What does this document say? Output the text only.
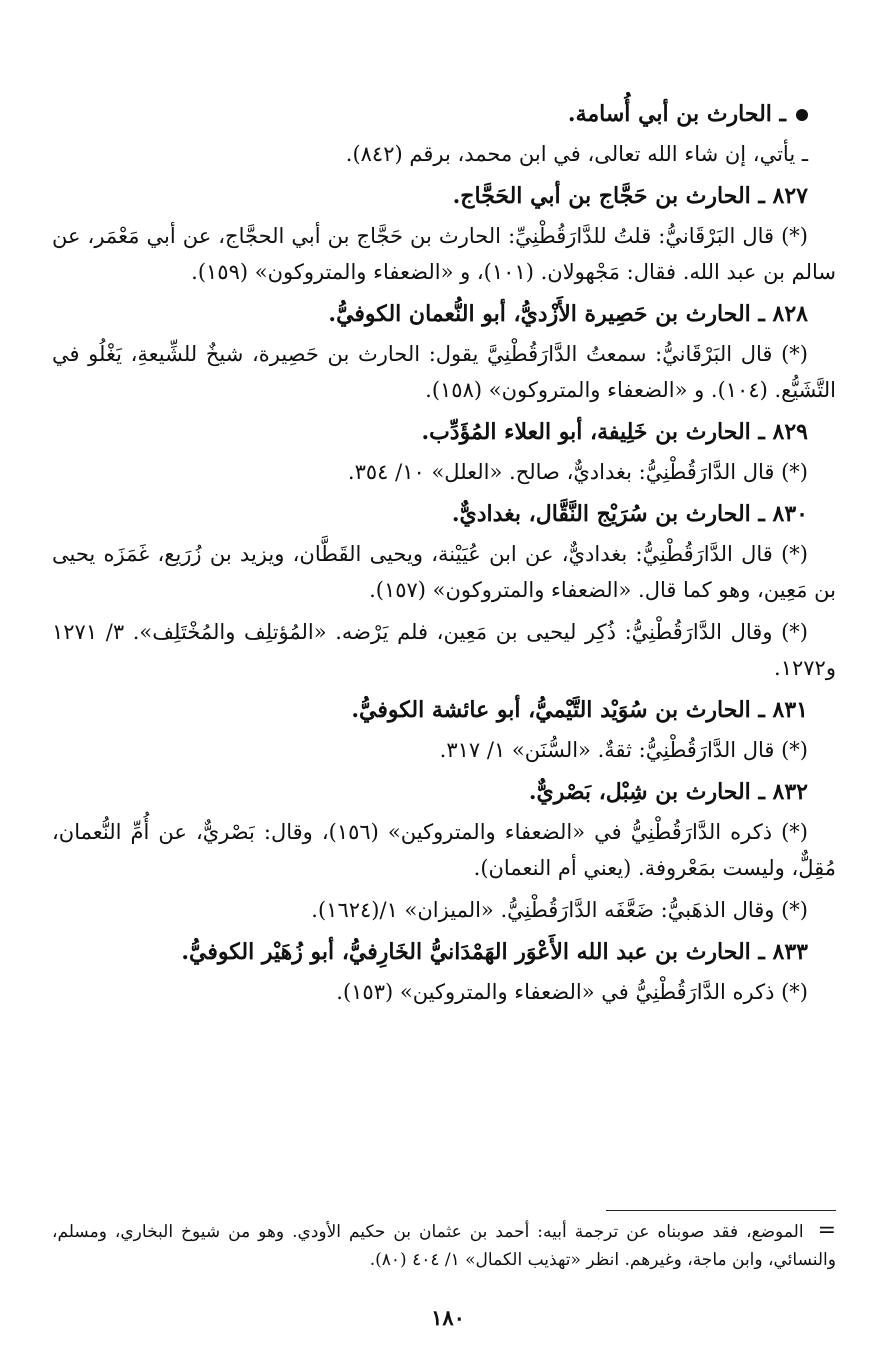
ـ الحارث بن أبي أُسامة.

ـ يأتي، إن شاء الله تعالى، في ابن محمد، برقم (٨٤٢).

٨٢٧ ـ الحارث بن حَجَّاج بن أبي الحَجَّاج.

(*) قال البَرْقَانيُّ: قلتُ للدَّارَقُطْنِيِّ: الحارث بن حَجَّاج بن أبي الحجَّاج، عن أبي مَعْمَر، عن سالم بن عبد الله. فقال: مَجْهولان. (١٠١)، و «الضعفاء والمتروكون» (١٥٩).

٨٢٨ ـ الحارث بن حَصِيرة الأَزْديُّ، أبو النُّعمان الكوفيُّ.

(*) قال البَرْقَانيُّ: سمعتُ الدَّارَقُطْنِيَّ يقول: الحارث بن حَصِيرة، شيخٌ للشِّيعةِ، يَغْلُو في التَّشَيُّع. (١٠٤). و «الضعفاء والمتروكون» (١٥٨).

٨٢٩ ـ الحارث بن خَلِيفة، أبو العلاء المُؤَدِّب.

(*) قال الدَّارَقُطْنِيُّ: بغداديٌّ، صالح. «العلل» ١٠/ ٣٥٤.

٨٣٠ ـ الحارث بن سُرَيْج النَّقَّال، بغداديٌّ.

(*) قال الدَّارَقُطْنِيُّ: بغداديٌّ، عن ابن عُيَيْنة، ويحيى القَطَّان، ويزيد بن زُرَيع، غَمَزَه يحيى بن مَعِين، وهو كما قال. «الضعفاء والمتروكون» (١٥٧).

(*) وقال الدَّارَقُطْنِيُّ: ذُكِر ليحيى بن مَعِين، فلم يَرْضه. «المُؤتلِف والمُخْتَلِف». ٣/ ١٢٧١ و١٢٧٢.

٨٣١ ـ الحارث بن سُوَيْد التَّيْميُّ، أبو عائشة الكوفيُّ.

(*) قال الدَّارَقُطْنِيُّ: ثقةٌ. «السُّنَن» ١/ ٣١٧.

٨٣٢ ـ الحارث بن شِبْل، بَصْريٌّ.

(*) ذكره الدَّارَقُطْنِيُّ في «الضعفاء والمتروكين» (١٥٦)، وقال: بَصْريٌّ، عن أُمِّ النُّعمان، مُقِلٌّ، وليست بمَعْروفة. (يعني أم النعمان).

(*) وقال الذهَبيُّ: ضَعَّفَه الدَّارَقُطْنِيُّ. «الميزان» ١/(١٦٢٤).

٨٣٣ ـ الحارث بن عبد الله الأَعْوَر الهَمْدَانيُّ الخَارِفيُّ، أبو زُهَيْر الكوفيُّ.

(*) ذكره الدَّارَقُطْنِيُّ في «الضعفاء والمتروكين» (١٥٣).

=الموضع، فقد صوبناه عن ترجمة أبيه: أحمد بن عثمان بن حكيم الأودي. وهو من شيوخ البخاري، ومسلم، والنسائي، وابن ماجة، وغيرهم. انظر «تهذيب الكمال» ١/ ٤٠٤ (٨٠).
١٨٠
